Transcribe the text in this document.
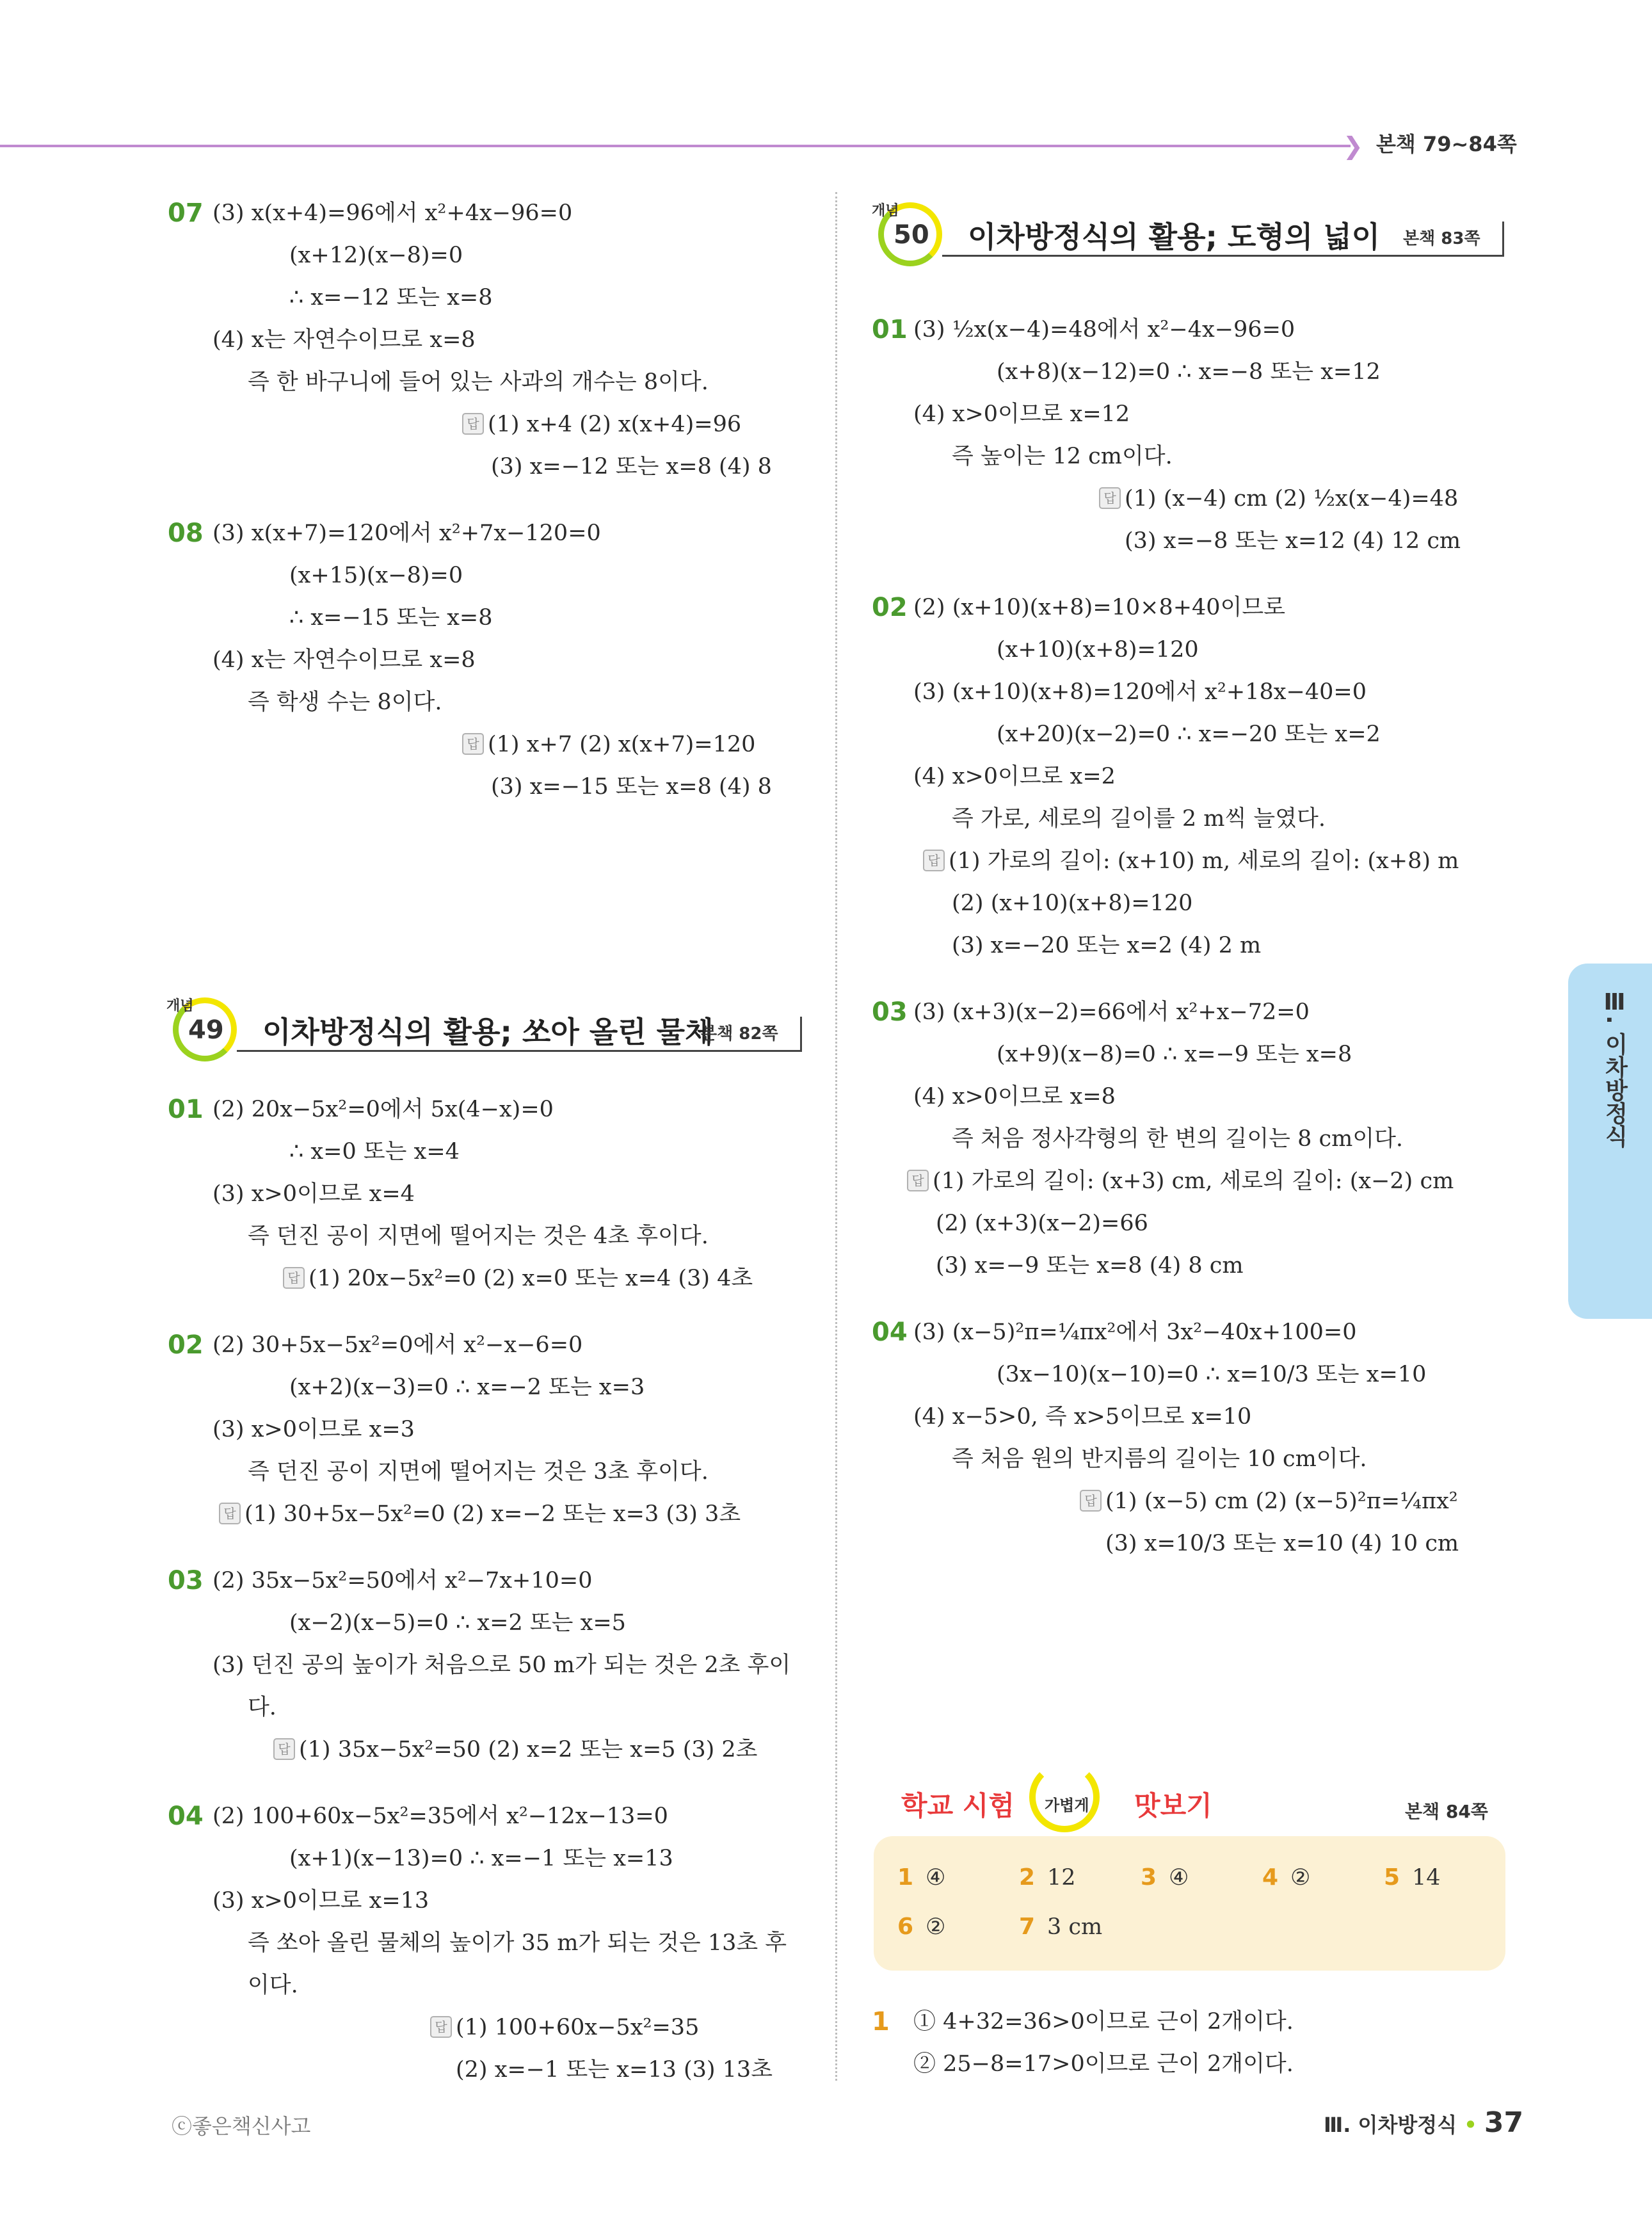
❯ 본책 79~84쪽
07 (3) x(x+4)=96에서 x²+4x−96=0
(x+12)(x−8)=0
∴ x=−12 또는 x=8
(4) x는 자연수이므로 x=8
즉 한 바구니에 들어 있는 사과의 개수는 8이다.
답 (1) x+4 (2) x(x+4)=96
(3) x=−12 또는 x=8 (4) 8
08 (3) x(x+7)=120에서 x²+7x−120=0
(x+15)(x−8)=0
∴ x=−15 또는 x=8
(4) x는 자연수이므로 x=8
즉 학생 수는 8이다.
답 (1) x+7 (2) x(x+7)=120
(3) x=−15 또는 x=8 (4) 8
개념
49 이차방정식의 활용; 쏘아 올린 물체
본책 82쪽
01 (2) 20x−5x²=0에서 5x(4−x)=0
∴ x=0 또는 x=4
(3) x>0이므로 x=4
즉 던진 공이 지면에 떨어지는 것은 4초 후이다.
답 (1) 20x−5x²=0 (2) x=0 또는 x=4 (3) 4초
02 (2) 30+5x−5x²=0에서 x²−x−6=0
(x+2)(x−3)=0 ∴ x=−2 또는 x=3
(3) x>0이므로 x=3
즉 던진 공이 지면에 떨어지는 것은 3초 후이다.
답 (1) 30+5x−5x²=0 (2) x=−2 또는 x=3 (3) 3초
03 (2) 35x−5x²=50에서 x²−7x+10=0
(x−2)(x−5)=0 ∴ x=2 또는 x=5
(3) 던진 공의 높이가 처음으로 50 m가 되는 것은 2초 후이
다.
답 (1) 35x−5x²=50 (2) x=2 또는 x=5 (3) 2초
04 (2) 100+60x−5x²=35에서 x²−12x−13=0
(x+1)(x−13)=0 ∴ x=−1 또는 x=13
(3) x>0이므로 x=13
즉 쏘아 올린 물체의 높이가 35 m가 되는 것은 13초 후
이다.
답 (1) 100+60x−5x²=35
(2) x=−1 또는 x=13 (3) 13초
개념
50 이차방정식의 활용; 도형의 넓이 본책 83쪽
01 (3) ½x(x−4)=48에서 x²−4x−96=0
(x+8)(x−12)=0 ∴ x=−8 또는 x=12
(4) x>0이므로 x=12
즉 높이는 12 cm이다.
답 (1) (x−4) cm (2) ½x(x−4)=48
(3) x=−8 또는 x=12 (4) 12 cm
02 (2) (x+10)(x+8)=10×8+40이므로
(x+10)(x+8)=120
(3) (x+10)(x+8)=120에서 x²+18x−40=0
(x+20)(x−2)=0 ∴ x=−20 또는 x=2
(4) x>0이므로 x=2
즉 가로, 세로의 길이를 2 m씩 늘였다.
답 (1) 가로의 길이: (x+10) m, 세로의 길이: (x+8) m
(2) (x+10)(x+8)=120
(3) x=−20 또는 x=2 (4) 2 m
03 (3) (x+3)(x−2)=66에서 x²+x−72=0
(x+9)(x−8)=0 ∴ x=−9 또는 x=8
(4) x>0이므로 x=8
즉 처음 정사각형의 한 변의 길이는 8 cm이다.
답 (1) 가로의 길이: (x+3) cm, 세로의 길이: (x−2) cm
(2) (x+3)(x−2)=66
(3) x=−9 또는 x=8 (4) 8 cm
04 (3) (x−5)²π=¼πx²에서 3x²−40x+100=0
(3x−10)(x−10)=0 ∴ x=10/3 또는 x=10
(4) x−5>0, 즉 x>5이므로 x=10
즉 처음 원의 반지름의 길이는 10 cm이다.
답 (1) (x−5) cm (2) (x−5)²π=¼πx²
(3) x=10/3 또는 x=10 (4) 10 cm
Ⅲ. 이차방정식
학교 시험 가볍게 맛보기	본책 84쪽
1 ④	2 12	3 ④	4 ②	5 14
6 ②	7 3 cm
1	① 4+32=36>0이므로 근이 2개이다.
② 25−8=17>0이므로 근이 2개이다.
ⓒ좋은책신사고	Ⅲ. 이차방정식 • 37
